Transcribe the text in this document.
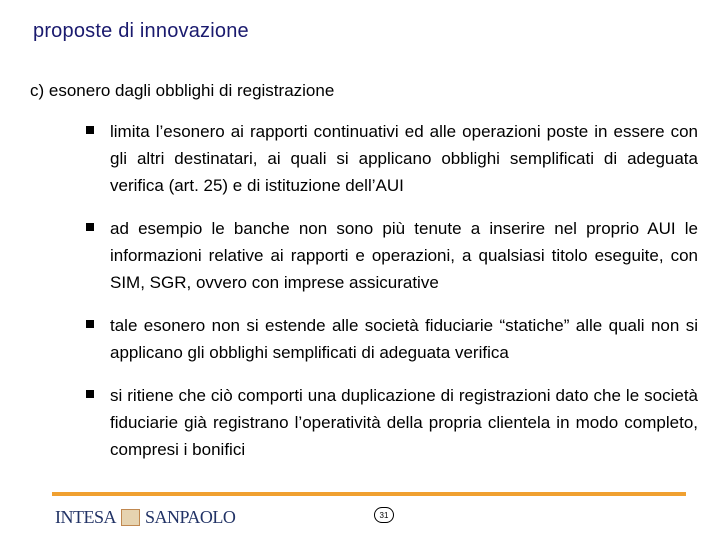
proposte di innovazione
c) esonero dagli obblighi di registrazione
limita l’esonero ai rapporti continuativi ed alle operazioni poste in essere con gli altri destinatari, ai quali si applicano obblighi semplificati di adeguata verifica (art. 25) e di istituzione dell’AUI
ad esempio le banche non sono più tenute a inserire nel proprio AUI le informazioni relative ai rapporti e operazioni, a qualsiasi titolo eseguite, con SIM, SGR, ovvero con imprese assicurative
tale esonero non si estende alle società fiduciarie “statiche” alle quali non si applicano gli obblighi semplificati di adeguata verifica
si ritiene che ciò comporti una duplicazione di registrazioni dato che le società fiduciarie già registrano l’operatività della propria clientela in modo completo, compresi i bonifici
INTESA SANPAOLO	31
